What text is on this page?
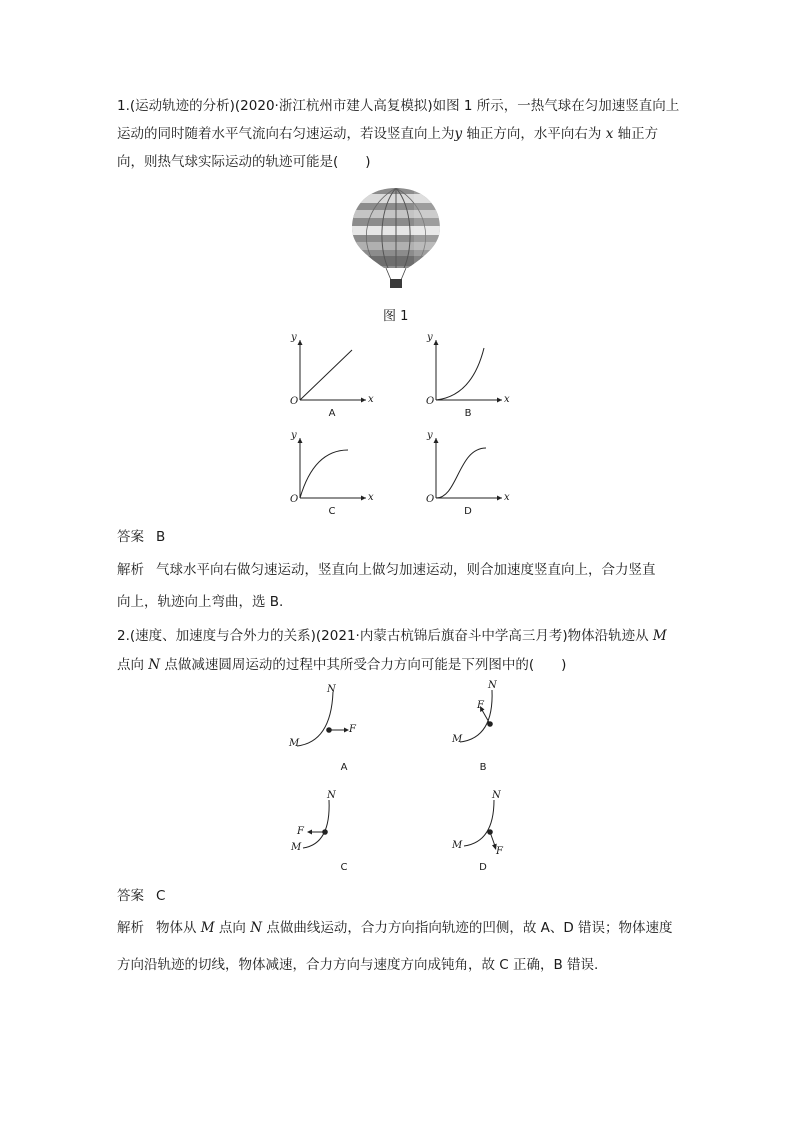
1.(运动轨迹的分析)(2020·浙江杭州市建人高复模拟)如图 1 所示，一热气球在匀加速竖直向上
运动的同时随着水平气流向右匀速运动，若设竖直向上为y 轴正方向，水平向右为 x 轴正方
向，则热气球实际运动的轨迹可能是(　　)
图 1
y
x
O
A
y
x
O
B
y
x
O
C
y
x
O
D
答案 B
解析 气球水平向右做匀速运动，竖直向上做匀加速运动，则合加速度竖直向上，合力竖直
向上，轨迹向上弯曲，选 B.
2.(速度、加速度与合外力的关系)(2021·内蒙古杭锦后旗奋斗中学高三月考)物体沿轨迹从 M
点向 N 点做减速圆周运动的过程中其所受合力方向可能是下列图中的(　　)
N
M
F
A
N
M
F
B
N
M
F
C
N
M
F
D
答案 C
解析 物体从 M 点向 N 点做曲线运动，合力方向指向轨迹的凹侧，故 A、D 错误；物体速度
方向沿轨迹的切线，物体减速，合力方向与速度方向成钝角，故 C 正确，B 错误.
